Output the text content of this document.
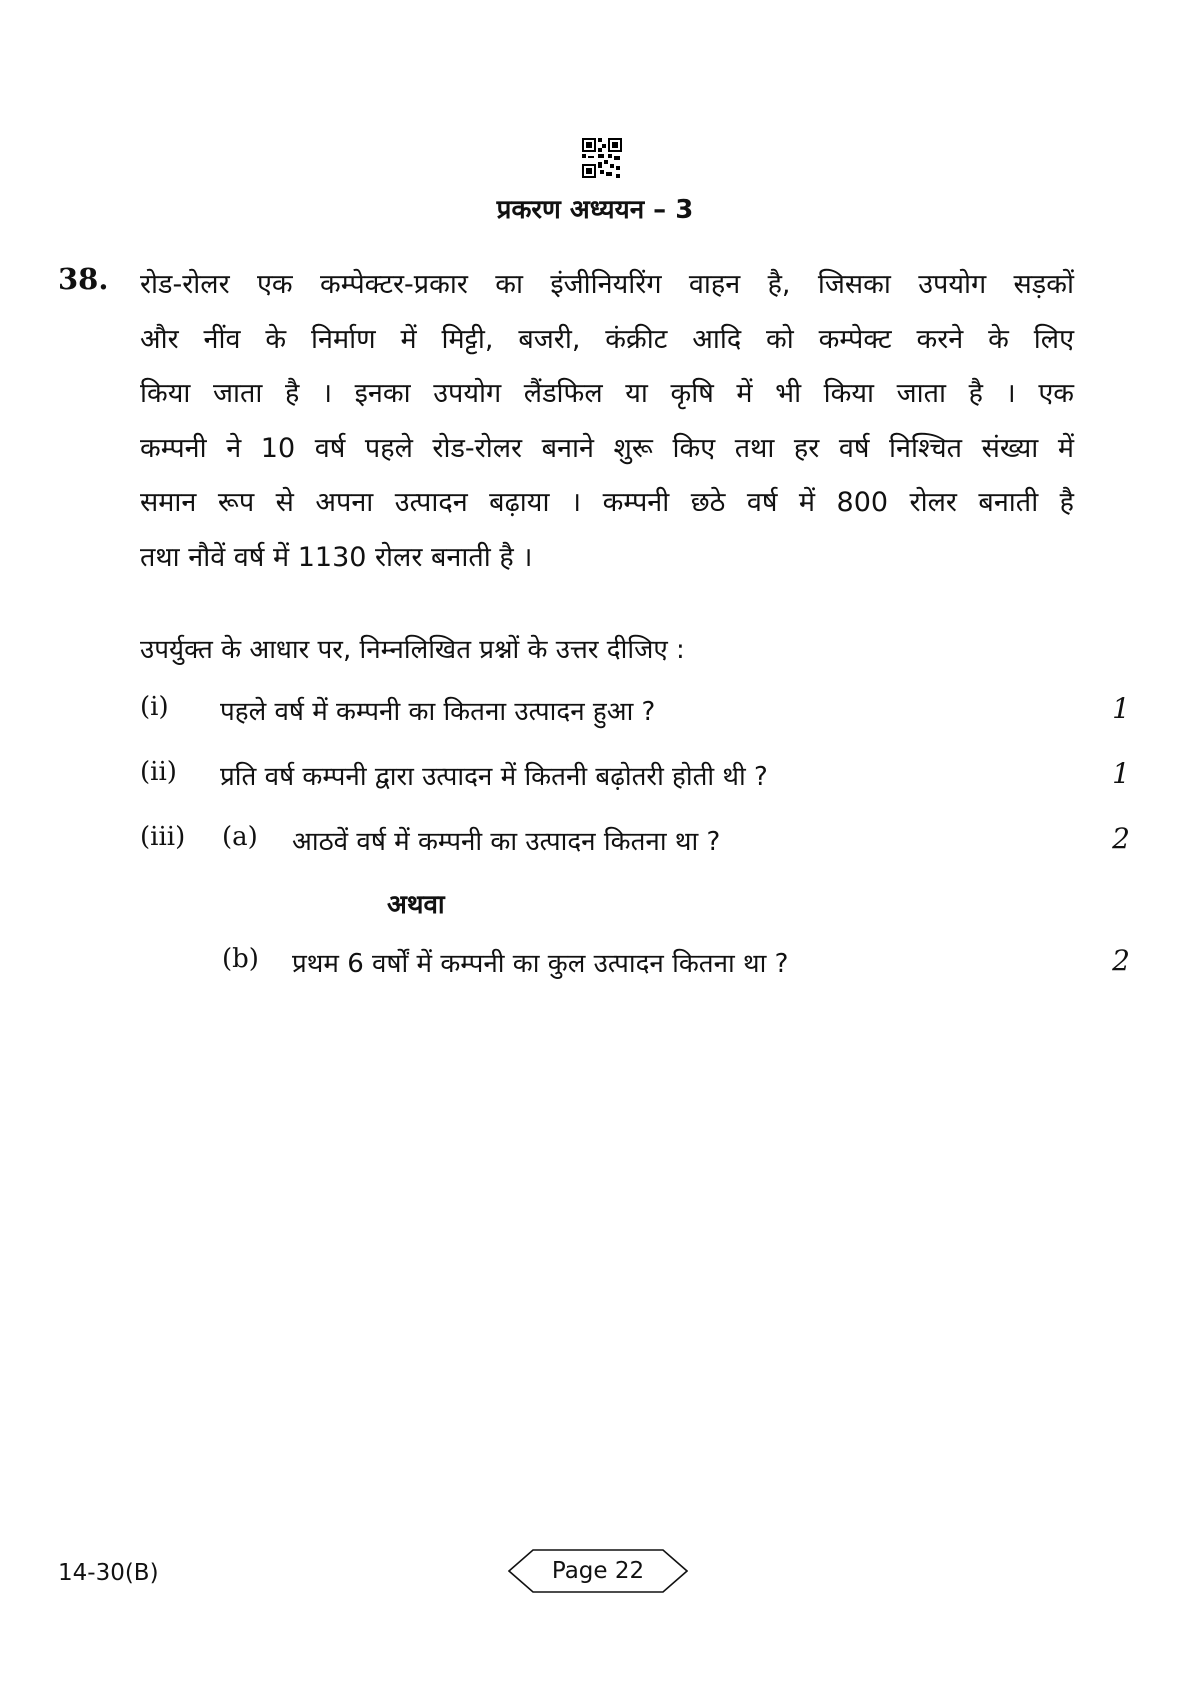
प्रकरण अध्ययन – 3
38. रोड-रोलर एक कम्पेक्टर-प्रकार का इंजीनियरिंग वाहन है, जिसका उपयोग सड़कों
और नींव के निर्माण में मिट्टी, बजरी, कंक्रीट आदि को कम्पेक्ट करने के लिए
किया जाता है । इनका उपयोग लैंडफिल या कृषि में भी किया जाता है । एक
कम्पनी ने 10 वर्ष पहले रोड-रोलर बनाने शुरू किए तथा हर वर्ष निश्चित संख्या में
समान रूप से अपना उत्पादन बढ़ाया । कम्पनी छठे वर्ष में 800 रोलर बनाती है
तथा नौवें वर्ष में 1130 रोलर बनाती है ।
उपर्युक्त के आधार पर, निम्नलिखित प्रश्नों के उत्तर दीजिए :
(i) पहले वर्ष में कम्पनी का कितना उत्पादन हुआ ?	1
(ii) प्रति वर्ष कम्पनी द्वारा उत्पादन में कितनी बढ़ोतरी होती थी ?	1
(iii) (a) आठवें वर्ष में कम्पनी का उत्पादन कितना था ?	2
अथवा
(b) प्रथम 6 वर्षों में कम्पनी का कुल उत्पादन कितना था ?	2
14-30(B)	Page 22
